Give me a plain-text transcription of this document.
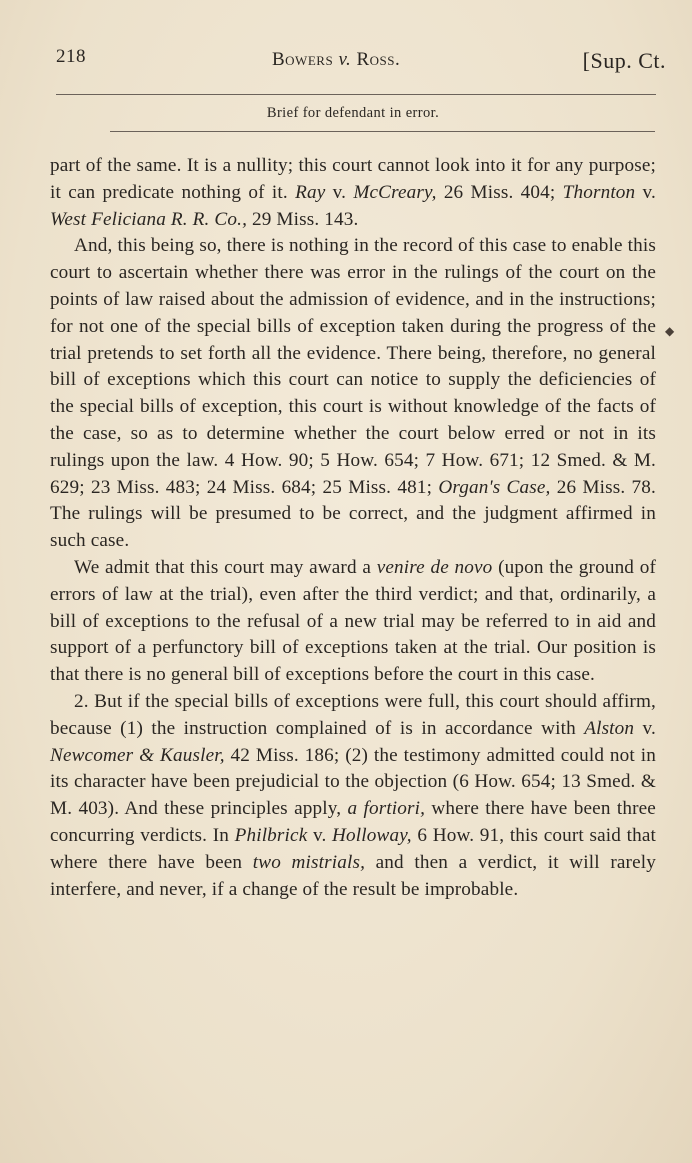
218	Bowers v. Ross.	[Sup. Ct.
Brief for defendant in error.

part of the same. It is a nullity; this court cannot look into it for any purpose; it can predicate nothing of it. Ray v. McCreary, 26 Miss. 404; Thornton v. West Feliciana R. R. Co., 29 Miss. 143.

And, this being so, there is nothing in the record of this case to enable this court to ascertain whether there was error in the rulings of the court on the points of law raised about the admission of evidence, and in the instructions; for not one of the special bills of exception taken during the progress of the trial pretends to set forth all the evidence. There being, therefore, no general bill of exceptions which this court can notice to supply the deficiencies of the special bills of exception, this court is without knowledge of the facts of the case, so as to determine whether the court below erred or not in its rulings upon the law. 4 How. 90; 5 How. 654; 7 How. 671; 12 Smed. & M. 629; 23 Miss. 483; 24 Miss. 684; 25 Miss. 481; Organ's Case, 26 Miss. 78. The rulings will be presumed to be correct, and the judgment affirmed in such case.

We admit that this court may award a venire de novo (upon the ground of errors of law at the trial), even after the third verdict; and that, ordinarily, a bill of exceptions to the refusal of a new trial may be referred to in aid and support of a perfunctory bill of exceptions taken at the trial. Our position is that there is no general bill of exceptions before the court in this case.

2. But if the special bills of exceptions were full, this court should affirm, because (1) the instruction complained of is in accordance with Alston v. Newcomer & Kausler, 42 Miss. 186; (2) the testimony admitted could not in its character have been prejudicial to the objection (6 How. 654; 13 Smed. & M. 403). And these principles apply, a fortiori, where there have been three concurring verdicts. In Philbrick v. Holloway, 6 How. 91, this court said that where there have been two mistrials, and then a verdict, it will rarely interfere, and never, if a change of the result be improbable.

◆
